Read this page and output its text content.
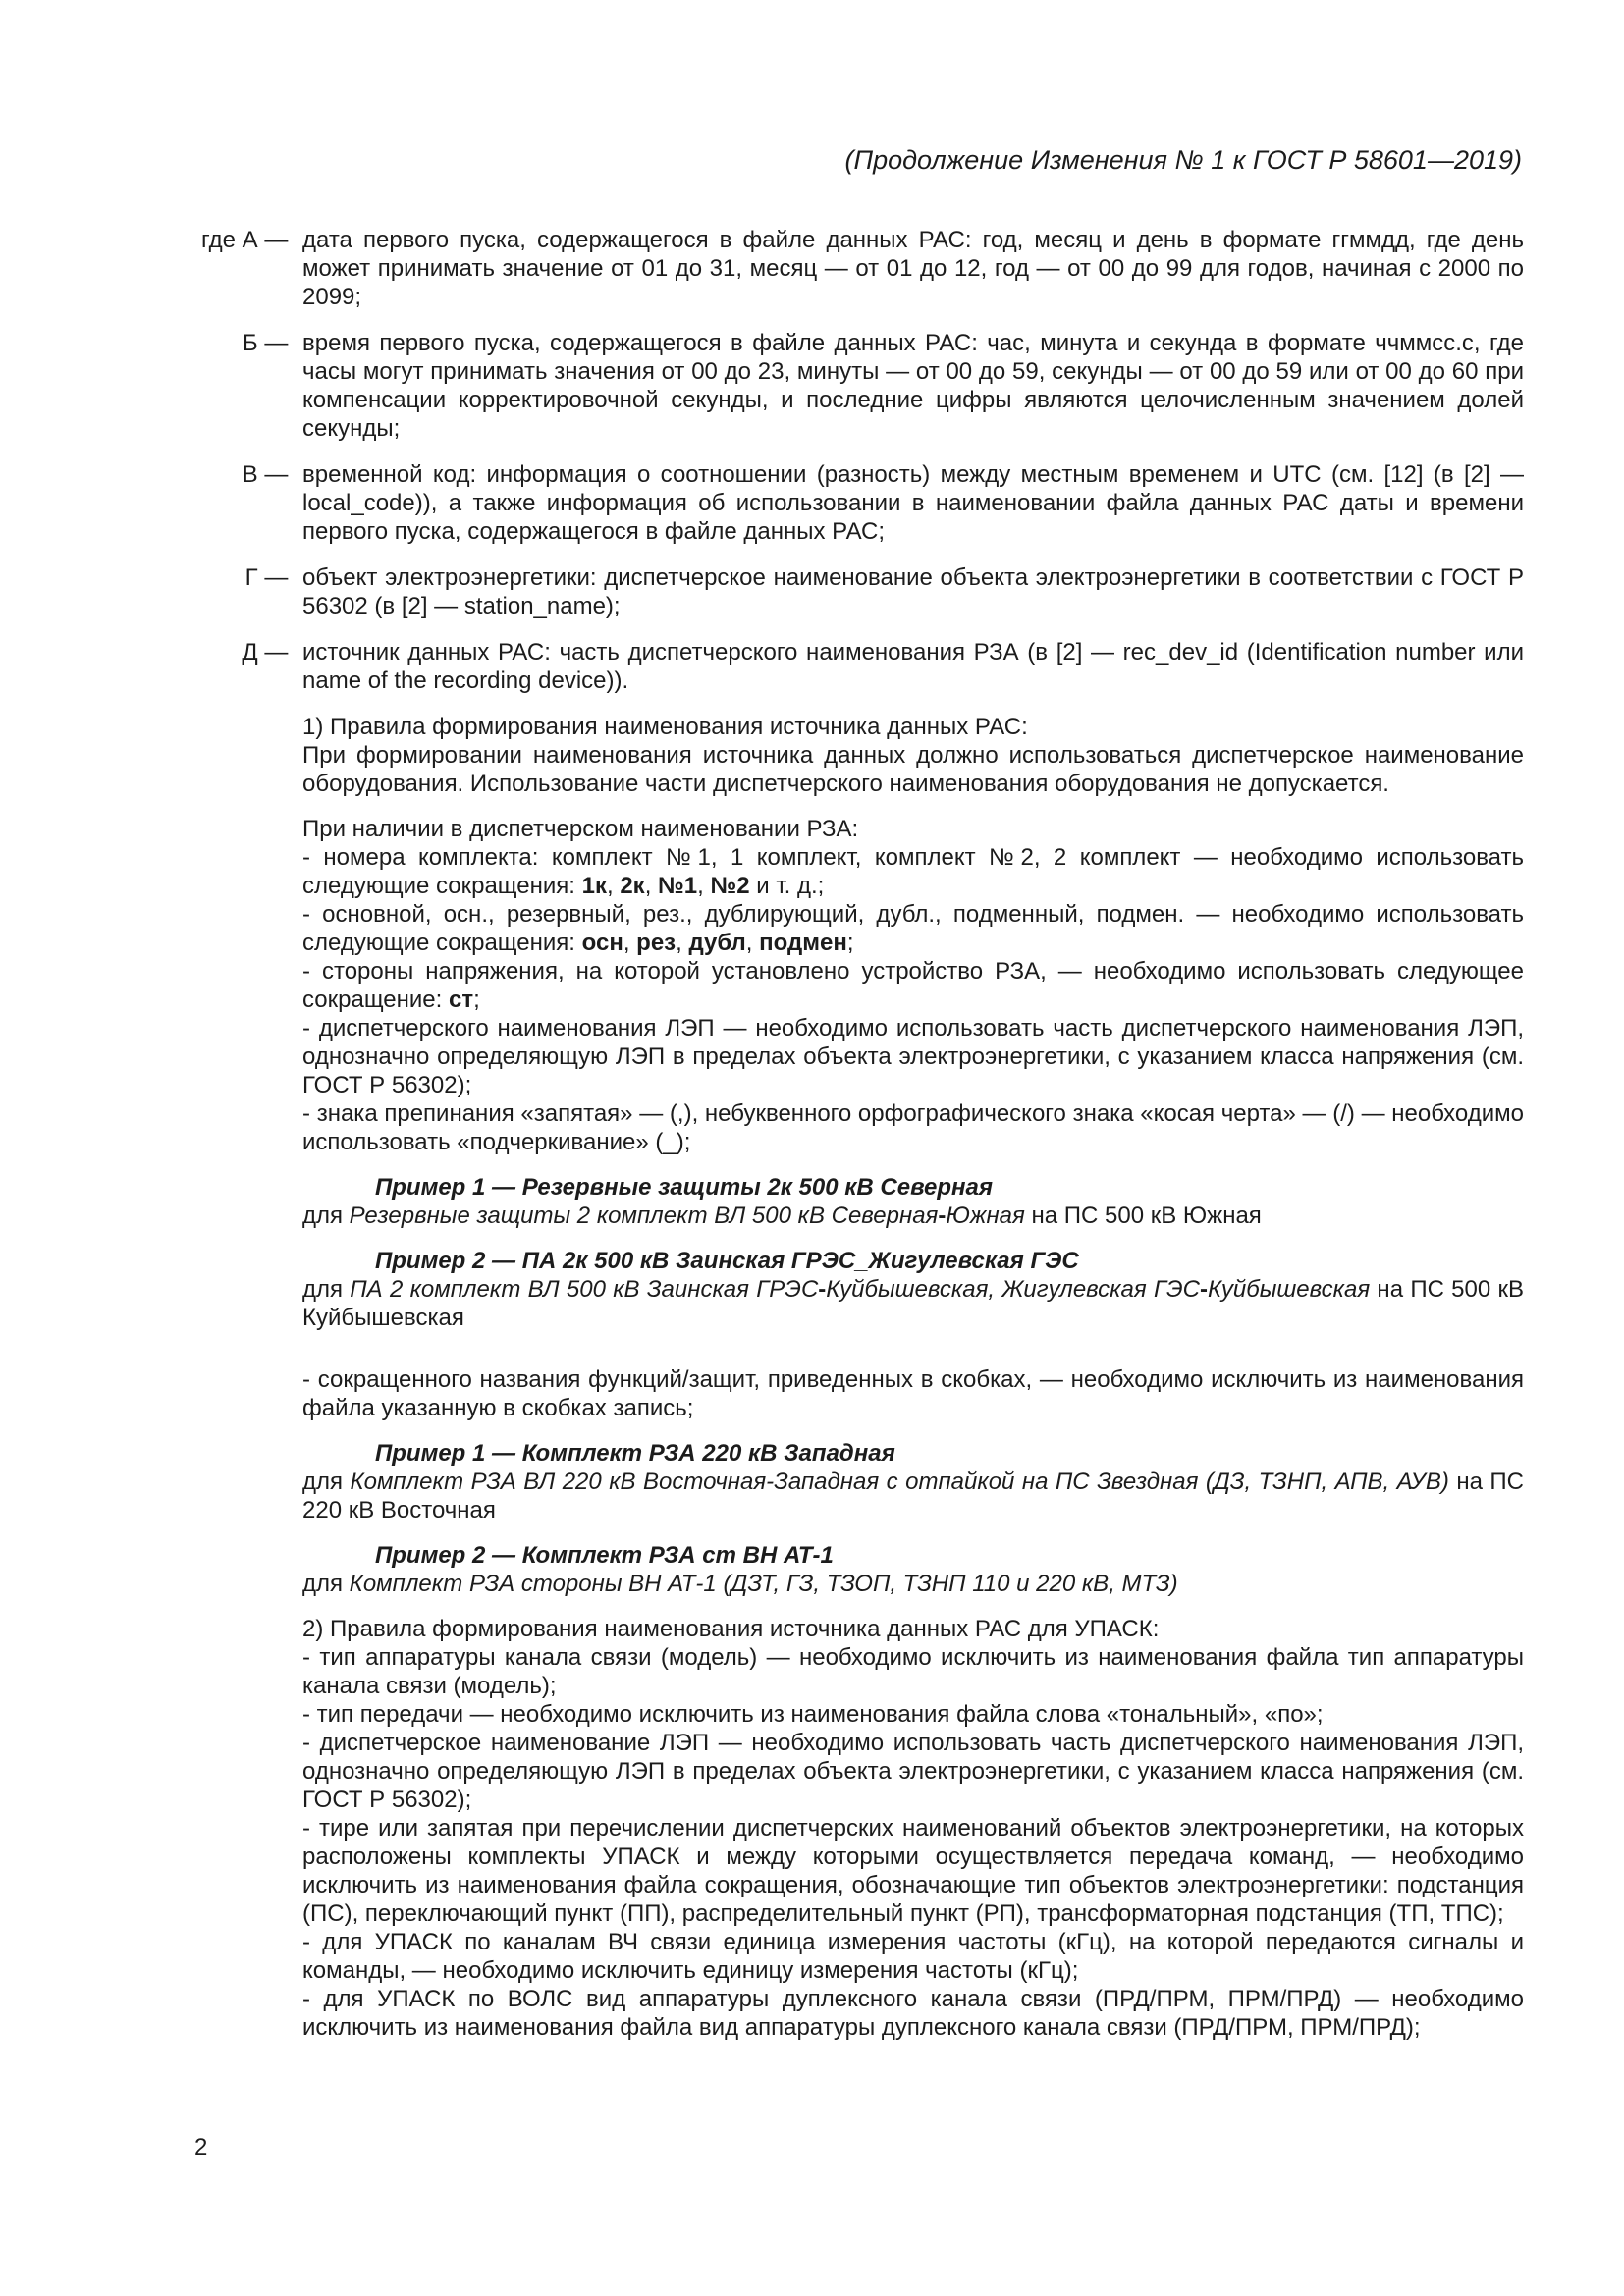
(Продолжение Изменения № 1 к ГОСТ Р 58601—2019)
где А — дата первого пуска, содержащегося в файле данных РАС: год, месяц и день в формате ггммдд, где день может принимать значение от 01 до 31, месяц — от 01 до 12, год — от 00 до 99 для годов, начиная с 2000 по 2099;
Б — время первого пуска, содержащегося в файле данных РАС: час, минута и секунда в формате ччммсс.с, где часы могут принимать значения от 00 до 23, минуты — от 00 до 59, секунды — от 00 до 59 или от 00 до 60 при компенсации корректировочной секунды, и последние цифры являются целочисленным значением долей секунды;
В — временной код: информация о соотношении (разность) между местным временем и UTC (см. [12] (в [2] — local_code)), а также информация об использовании в наименовании файла данных РАС даты и времени первого пуска, содержащегося в файле данных РАС;
Г — объект электроэнергетики: диспетчерское наименование объекта электроэнергетики в соответствии с ГОСТ Р 56302 (в [2] — station_name);
Д — источник данных РАС: часть диспетчерского наименования РЗА (в [2] — rec_dev_id (Identification number или name of the recording device)).

1) Правила формирования наименования источника данных РАС:

При формировании наименования источника данных должно использоваться диспетчерское наименование оборудования. Использование части диспетчерского наименования оборудования не допускается.

При наличии в диспетчерском наименовании РЗА:

- номера комплекта: комплект №1, 1 комплект, комплект №2, 2 комплект — необходимо использовать следующие сокращения: 1к, 2к, №1, №2 и т. д.;

- основной, осн., резервный, рез., дублирующий, дубл., подменный, подмен. — необходимо использовать следующие сокращения: осн, рез, дубл, подмен;

- стороны напряжения, на которой установлено устройство РЗА, — необходимо использовать следующее сокращение: ст;

- диспетчерского наименования ЛЭП — необходимо использовать часть диспетчерского наименования ЛЭП, однозначно определяющую ЛЭП в пределах объекта электроэнергетики, с указанием класса напряжения (см. ГОСТ Р 56302);

- знака препинания «запятая» — (,), небуквенного орфографического знака «косая черта» — (/) — необходимо использовать «подчеркивание» (_);

Пример 1 — Резервные защиты 2к 500 кВ Северная

для Резервные защиты 2 комплект ВЛ 500 кВ Северная-Южная на ПС 500 кВ Южная

Пример 2 — ПА 2к 500 кВ Заинская ГРЭС_Жигулевская ГЭС

для ПА 2 комплект ВЛ 500 кВ Заинская ГРЭС-Куйбышевская, Жигулевская ГЭС-Куйбышевская на ПС 500 кВ Куйбышевская

- сокращенного названия функций/защит, приведенных в скобках, — необходимо исключить из наименования файла указанную в скобках запись;

Пример 1 — Комплект РЗА 220 кВ Западная

для Комплект РЗА ВЛ 220 кВ Восточная-Западная с отпайкой на ПС Звездная (ДЗ, ТЗНП, АПВ, АУВ) на ПС 220 кВ Восточная

Пример 2 — Комплект РЗА ст ВН АТ-1

для Комплект РЗА стороны ВН АТ-1 (ДЗТ, ГЗ, ТЗОП, ТЗНП 110 и 220 кВ, МТЗ)

2) Правила формирования наименования источника данных РАС для УПАСК:

- тип аппаратуры канала связи (модель) — необходимо исключить из наименования файла тип аппаратуры канала связи (модель);

- тип передачи — необходимо исключить из наименования файла слова «тональный», «по»;

- диспетчерское наименование ЛЭП — необходимо использовать часть диспетчерского наименования ЛЭП, однозначно определяющую ЛЭП в пределах объекта электроэнергетики, с указанием класса напряжения (см. ГОСТ Р 56302);

- тире или запятая при перечислении диспетчерских наименований объектов электроэнергетики, на которых расположены комплекты УПАСК и между которыми осуществляется передача команд, — необходимо исключить из наименования файла сокращения, обозначающие тип объектов электроэнергетики: подстанция (ПС), переключающий пункт (ПП), распределительный пункт (РП), трансформаторная подстанция (ТП, ТПС);

- для УПАСК по каналам ВЧ связи единица измерения частоты (кГц), на которой передаются сигналы и команды, — необходимо исключить единицу измерения частоты (кГц);

- для УПАСК по ВОЛС вид аппаратуры дуплексного канала связи (ПРД/ПРМ, ПРМ/ПРД) — необходимо исключить из наименования файла вид аппаратуры дуплексного канала связи (ПРД/ПРМ, ПРМ/ПРД);

2
